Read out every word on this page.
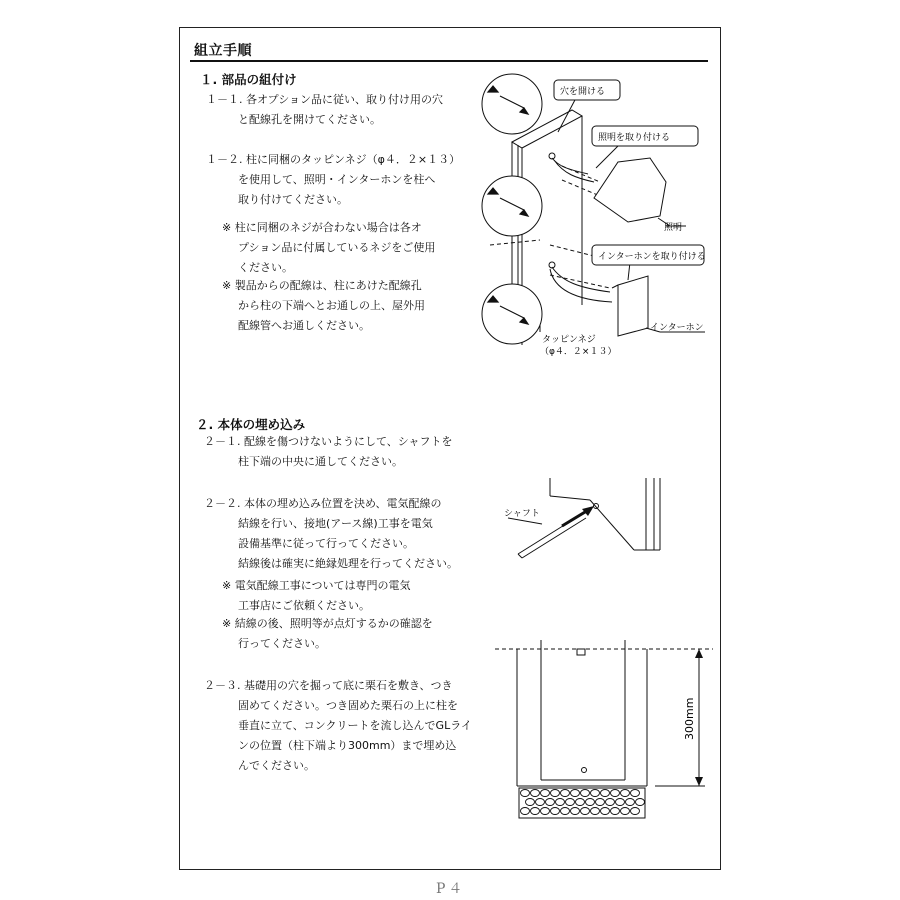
組立手順
１. 部品の組付け
１－１. 各オプション品に従い、取り付け用の穴
と配線孔を開けてください。
１－２. 柱に同梱のタッピンネジ（φ４．２×１３）
を使用して、照明・インターホンを柱へ
取り付けてください。
※ 柱に同梱のネジが合わない場合は各オ
プション品に付属しているネジをご使用
ください。
※ 製品からの配線は、柱にあけた配線孔
から柱の下端へとお通しの上、屋外用
配線管へお通しください。
２. 本体の埋め込み
２－１. 配線を傷つけないようにして、シャフトを
柱下端の中央に通してください。
２－２. 本体の埋め込み位置を決め、電気配線の
結線を行い、接地(アース線)工事を電気
設備基準に従って行ってください。
結線後は確実に絶縁処理を行ってください。
※ 電気配線工事については専門の電気
工事店にご依頼ください。
※ 結線の後、照明等が点灯するかの確認を
行ってください。
２－３. 基礎用の穴を掘って底に栗石を敷き、つき
固めてください。つき固めた栗石の上に柱を
垂直に立て、コンクリートを流し込んでGLライ
ンの位置（柱下端より300mm）まで埋め込
んでください。
穴を開ける
照明を取り付ける
照明
インターホンを取り付ける
インターホン
タッピンネジ
（φ４．２×１３）
シャフト
300mm
P４
